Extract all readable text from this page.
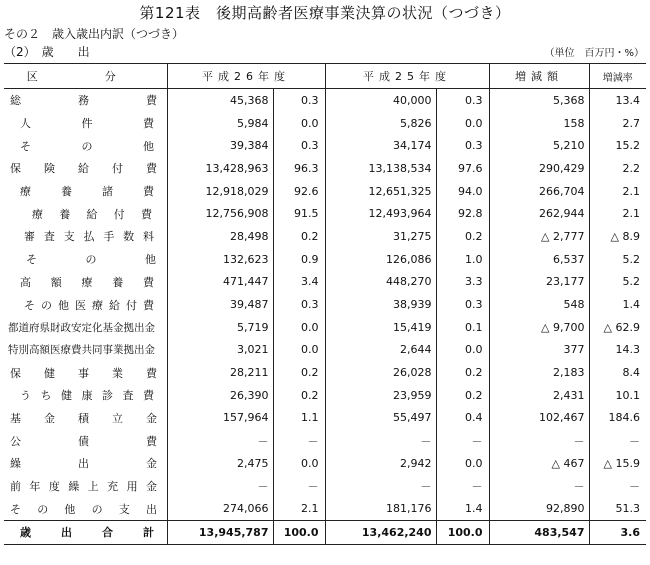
第121表　後期高齢者医療事業決算の状況（つづき）
その２　歳入歳出内訳（つづき）
（2）　歳　　出	（単位　百万円・%）
区　分	平成26年度		平成25年度		増減額	増減率

総務費	45,368	0.3	40,000	0.3	5,368	13.4

人件費	5,984	0.0	5,826	0.0	158	2.7

その他	39,384	0.3	34,174	0.3	5,210	15.2

保険給付費	13,428,963	96.3	13,138,534	97.6	290,429	2.2

療養諸費	12,918,029	92.6	12,651,325	94.0	266,704	2.1

療養給付費	12,756,908	91.5	12,493,964	92.8	262,944	2.1

審査支払手数料	28,498	0.2	31,275	0.2	△ 2,777	△ 8.9

その他	132,623	0.9	126,086	1.0	6,537	5.2

高額療養費	471,447	3.4	448,270	3.3	23,177	5.2

その他医療給付費	39,487	0.3	38,939	0.3	548	1.4

都道府県財政安定化基金拠出金	5,719	0.0	15,419	0.1	△ 9,700	△ 62.9

特別高額医療費共同事業拠出金	3,021	0.0	2,644	0.0	377	14.3

保健事業費	28,211	0.2	26,028	0.2	2,183	8.4

うち健康診査費	26,390	0.2	23,959	0.2	2,431	10.1

基金積立金	157,964	1.1	55,497	0.4	102,467	184.6

公債費	－	－	－	－	－	－

繰出金	2,475	0.0	2,942	0.0	△ 467	△ 15.9

前年度繰上充用金	－	－	－	－	－	－

その他の支出	274,066	2.1	181,176	1.4	92,890	51.3

歳出合計	13,945,787	100.0	13,462,240	100.0	483,547	3.6
